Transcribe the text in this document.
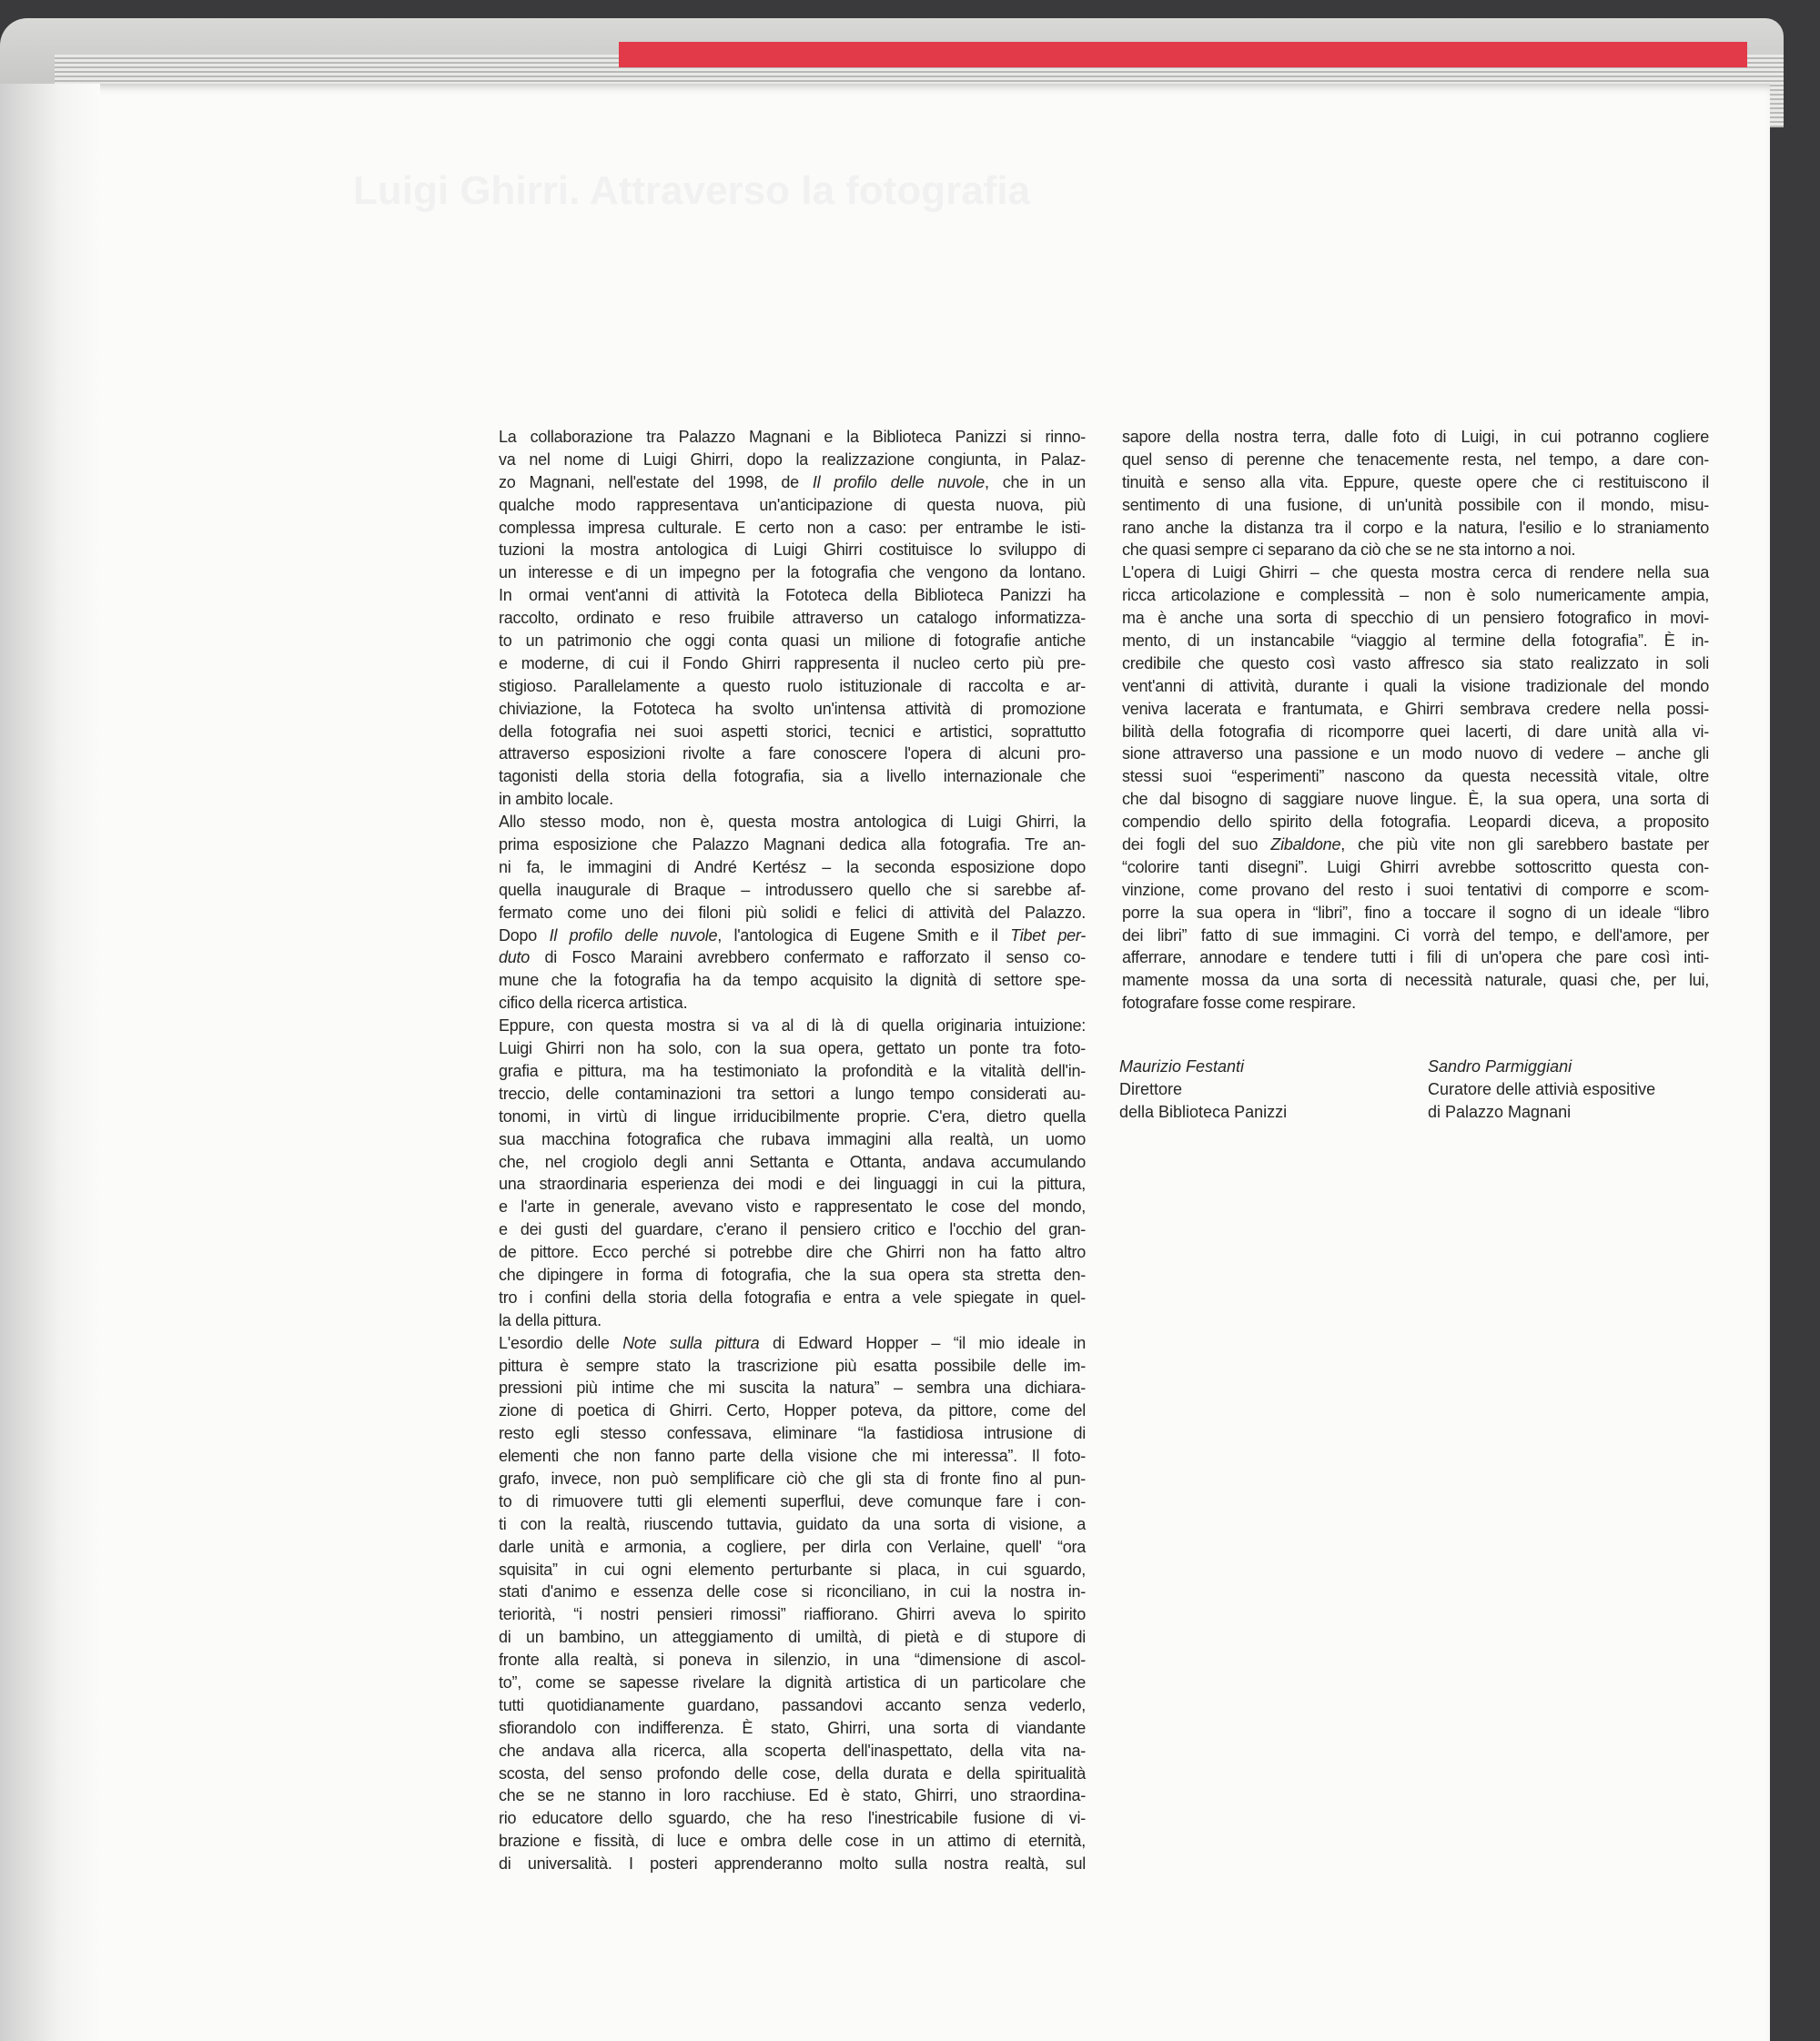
Luigi Ghirri. Attraverso la fotografia
La collaborazione tra Palazzo Magnani e la Biblioteca Panizzi si rinno-
va nel nome di Luigi Ghirri, dopo la realizzazione congiunta, in Palaz-
zo Magnani, nell'estate del 1998, de Il profilo delle nuvole, che in un
qualche modo rappresentava un'anticipazione di questa nuova, più
complessa impresa culturale. E certo non a caso: per entrambe le isti-
tuzioni la mostra antologica di Luigi Ghirri costituisce lo sviluppo di
un interesse e di un impegno per la fotografia che vengono da lontano.
In ormai vent'anni di attività la Fototeca della Biblioteca Panizzi ha
raccolto, ordinato e reso fruibile attraverso un catalogo informatizza-
to un patrimonio che oggi conta quasi un milione di fotografie antiche
e moderne, di cui il Fondo Ghirri rappresenta il nucleo certo più pre-
stigioso. Parallelamente a questo ruolo istituzionale di raccolta e ar-
chiviazione, la Fototeca ha svolto un'intensa attività di promozione
della fotografia nei suoi aspetti storici, tecnici e artistici, soprattutto
attraverso esposizioni rivolte a fare conoscere l'opera di alcuni pro-
tagonisti della storia della fotografia, sia a livello internazionale che
in ambito locale.
Allo stesso modo, non è, questa mostra antologica di Luigi Ghirri, la
prima esposizione che Palazzo Magnani dedica alla fotografia. Tre an-
ni fa, le immagini di André Kertész – la seconda esposizione dopo
quella inaugurale di Braque – introdussero quello che si sarebbe af-
fermato come uno dei filoni più solidi e felici di attività del Palazzo.
Dopo Il profilo delle nuvole, l'antologica di Eugene Smith e il Tibet per-
duto di Fosco Maraini avrebbero confermato e rafforzato il senso co-
mune che la fotografia ha da tempo acquisito la dignità di settore spe-
cifico della ricerca artistica.
Eppure, con questa mostra si va al di là di quella originaria intuizione:
Luigi Ghirri non ha solo, con la sua opera, gettato un ponte tra foto-
grafia e pittura, ma ha testimoniato la profondità e la vitalità dell'in-
treccio, delle contaminazioni tra settori a lungo tempo considerati au-
tonomi, in virtù di lingue irriducibilmente proprie. C'era, dietro quella
sua macchina fotografica che rubava immagini alla realtà, un uomo
che, nel crogiolo degli anni Settanta e Ottanta, andava accumulando
una straordinaria esperienza dei modi e dei linguaggi in cui la pittura,
e l'arte in generale, avevano visto e rappresentato le cose del mondo,
e dei gusti del guardare, c'erano il pensiero critico e l'occhio del gran-
de pittore. Ecco perché si potrebbe dire che Ghirri non ha fatto altro
che dipingere in forma di fotografia, che la sua opera sta stretta den-
tro i confini della storia della fotografia e entra a vele spiegate in quel-
la della pittura.
L'esordio delle Note sulla pittura di Edward Hopper – “il mio ideale in
pittura è sempre stato la trascrizione più esatta possibile delle im-
pressioni più intime che mi suscita la natura” – sembra una dichiara-
zione di poetica di Ghirri. Certo, Hopper poteva, da pittore, come del
resto egli stesso confessava, eliminare “la fastidiosa intrusione di
elementi che non fanno parte della visione che mi interessa”. Il foto-
grafo, invece, non può semplificare ciò che gli sta di fronte fino al pun-
to di rimuovere tutti gli elementi superflui, deve comunque fare i con-
ti con la realtà, riuscendo tuttavia, guidato da una sorta di visione, a
darle unità e armonia, a cogliere, per dirla con Verlaine, quell' “ora
squisita” in cui ogni elemento perturbante si placa, in cui sguardo,
stati d'animo e essenza delle cose si riconciliano, in cui la nostra in-
teriorità, “i nostri pensieri rimossi” riaffiorano. Ghirri aveva lo spirito
di un bambino, un atteggiamento di umiltà, di pietà e di stupore di
fronte alla realtà, si poneva in silenzio, in una “dimensione di ascol-
to”, come se sapesse rivelare la dignità artistica di un particolare che
tutti quotidianamente guardano, passandovi accanto senza vederlo,
sfiorandolo con indifferenza. È stato, Ghirri, una sorta di viandante
che andava alla ricerca, alla scoperta dell'inaspettato, della vita na-
scosta, del senso profondo delle cose, della durata e della spiritualità
che se ne stanno in loro racchiuse. Ed è stato, Ghirri, uno straordina-
rio educatore dello sguardo, che ha reso l'inestricabile fusione di vi-
brazione e fissità, di luce e ombra delle cose in un attimo di eternità,
di universalità. I posteri apprenderanno molto sulla nostra realtà, sul
sapore della nostra terra, dalle foto di Luigi, in cui potranno cogliere
quel senso di perenne che tenacemente resta, nel tempo, a dare con-
tinuità e senso alla vita. Eppure, queste opere che ci restituiscono il
sentimento di una fusione, di un'unità possibile con il mondo, misu-
rano anche la distanza tra il corpo e la natura, l'esilio e lo straniamento
che quasi sempre ci separano da ciò che se ne sta intorno a noi.
L'opera di Luigi Ghirri – che questa mostra cerca di rendere nella sua
ricca articolazione e complessità – non è solo numericamente ampia,
ma è anche una sorta di specchio di un pensiero fotografico in movi-
mento, di un instancabile “viaggio al termine della fotografia”. È in-
credibile che questo così vasto affresco sia stato realizzato in soli
vent'anni di attività, durante i quali la visione tradizionale del mondo
veniva lacerata e frantumata, e Ghirri sembrava credere nella possi-
bilità della fotografia di ricomporre quei lacerti, di dare unità alla vi-
sione attraverso una passione e un modo nuovo di vedere – anche gli
stessi suoi “esperimenti” nascono da questa necessità vitale, oltre
che dal bisogno di saggiare nuove lingue. È, la sua opera, una sorta di
compendio dello spirito della fotografia. Leopardi diceva, a proposito
dei fogli del suo Zibaldone, che più vite non gli sarebbero bastate per
“colorire tanti disegni”. Luigi Ghirri avrebbe sottoscritto questa con-
vinzione, come provano del resto i suoi tentativi di comporre e scom-
porre la sua opera in “libri”, fino a toccare il sogno di un ideale “libro
dei libri” fatto di sue immagini. Ci vorrà del tempo, e dell'amore, per
afferrare, annodare e tendere tutti i fili di un'opera che pare così inti-
mamente mossa da una sorta di necessità naturale, quasi che, per lui,
fotografare fosse come respirare.
Maurizio Festanti
Direttore
della Biblioteca Panizzi
Sandro Parmiggiani
Curatore delle attivià espositive
di Palazzo Magnani
